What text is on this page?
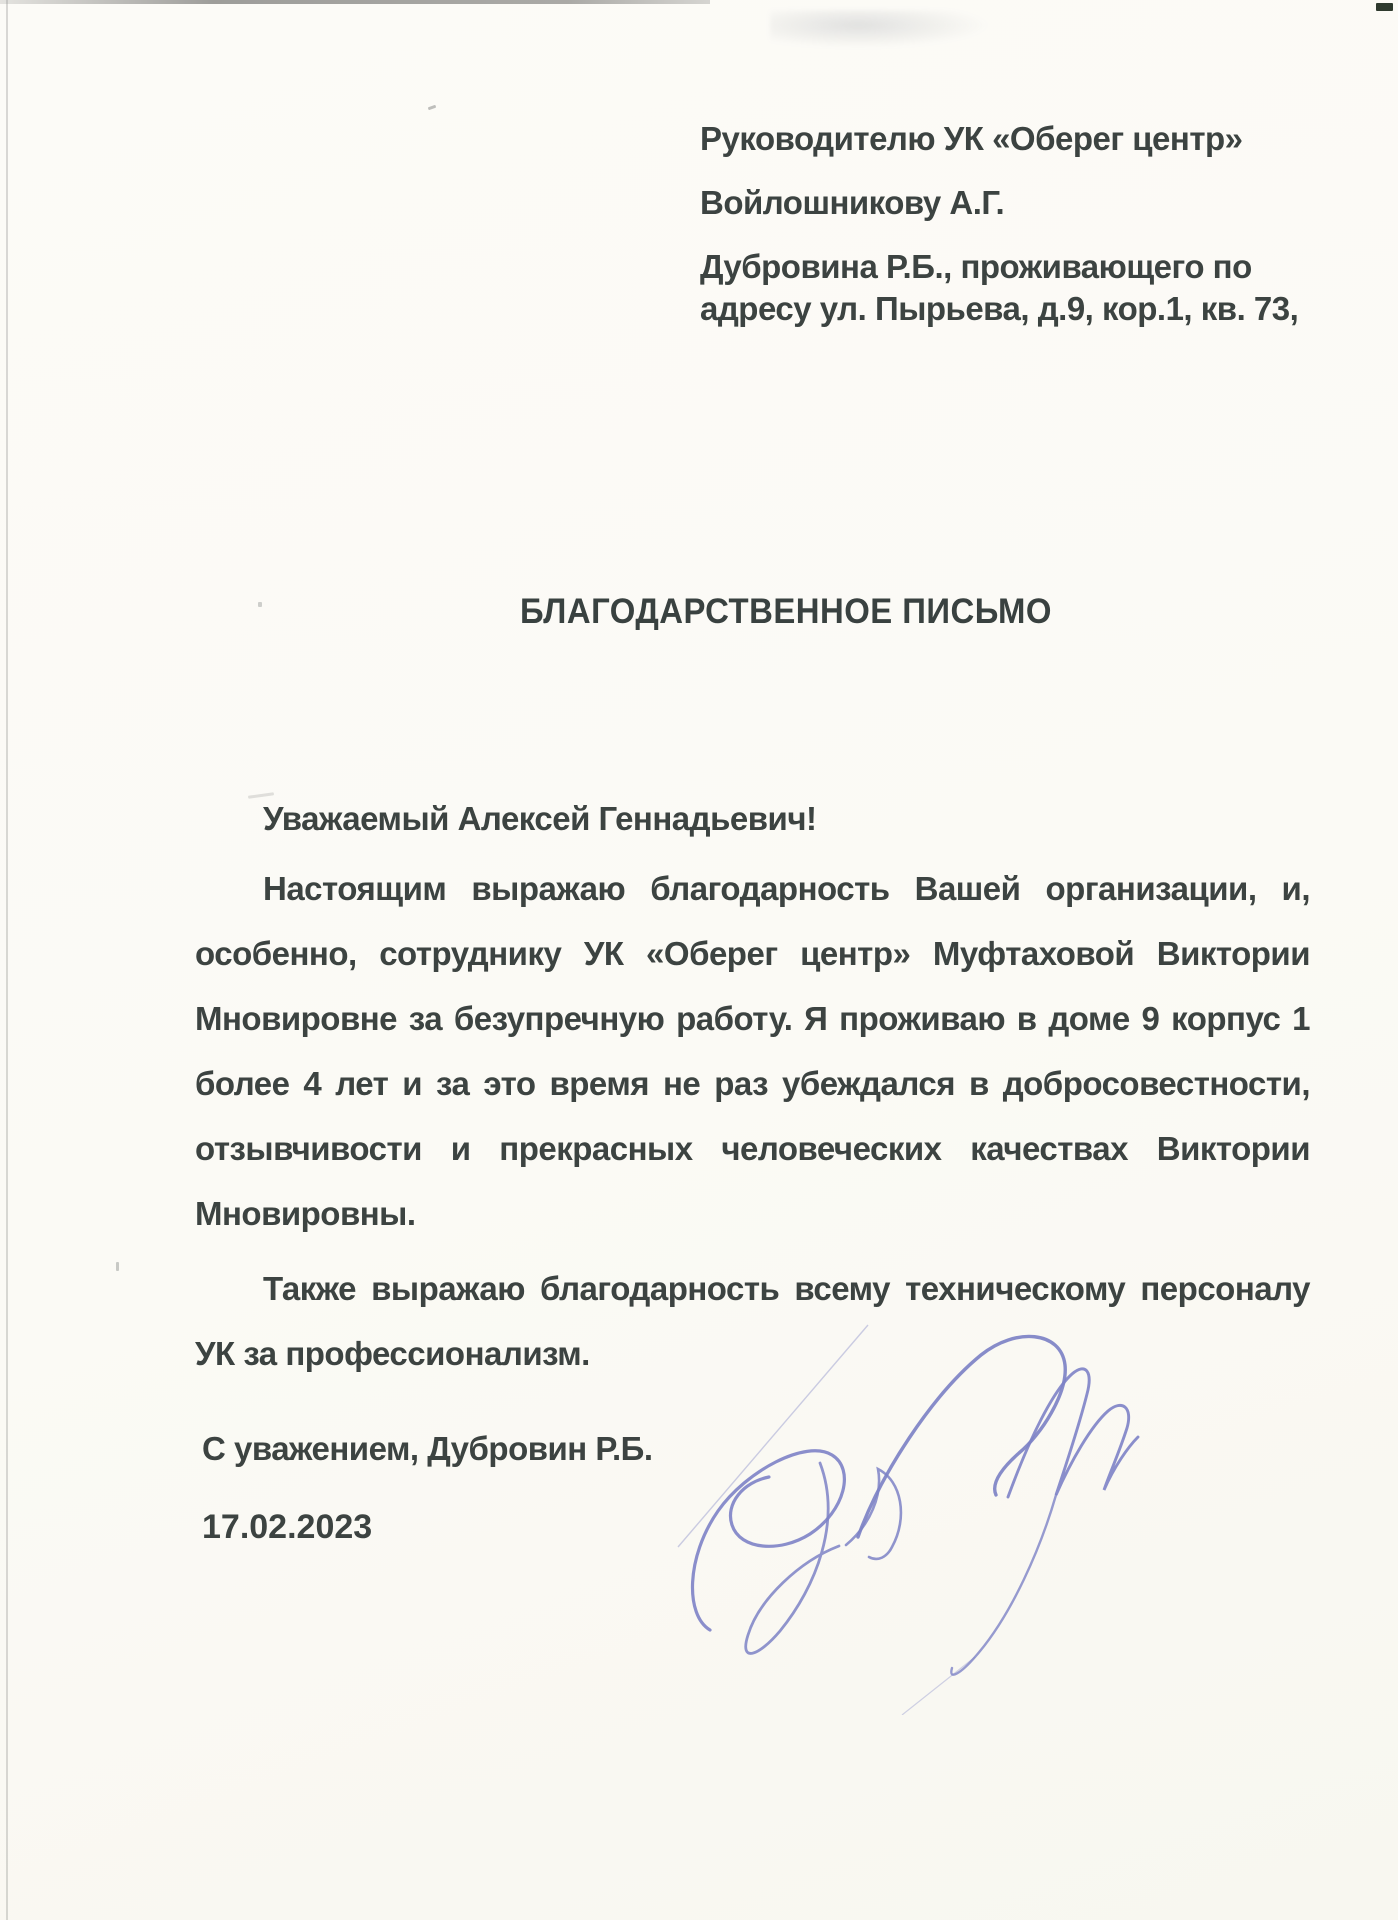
Руководителю УК «Оберег центр»
Войлошникову А.Г.
Дубровина Р.Б., проживающего по
адресу ул. Пырьева, д.9, кор.1, кв. 73,
БЛАГОДАРСТВЕННОЕ ПИСЬМО

Уважаемый Алексей Геннадьевич!

Настоящим выражаю благодарность Вашей организации, и, особенно, сотруднику УК «Оберег центр» Муфтаховой Виктории Мновировне за безупречную работу. Я проживаю в доме 9 корпус 1 более 4 лет и за это время не раз убеждался в добросовестности, отзывчивости и прекрасных человеческих качествах Виктории Мновировны.

Также выражаю благодарность всему техническому персоналу УК за профессионализм.

С уважением, Дубровин Р.Б.
17.02.2023
